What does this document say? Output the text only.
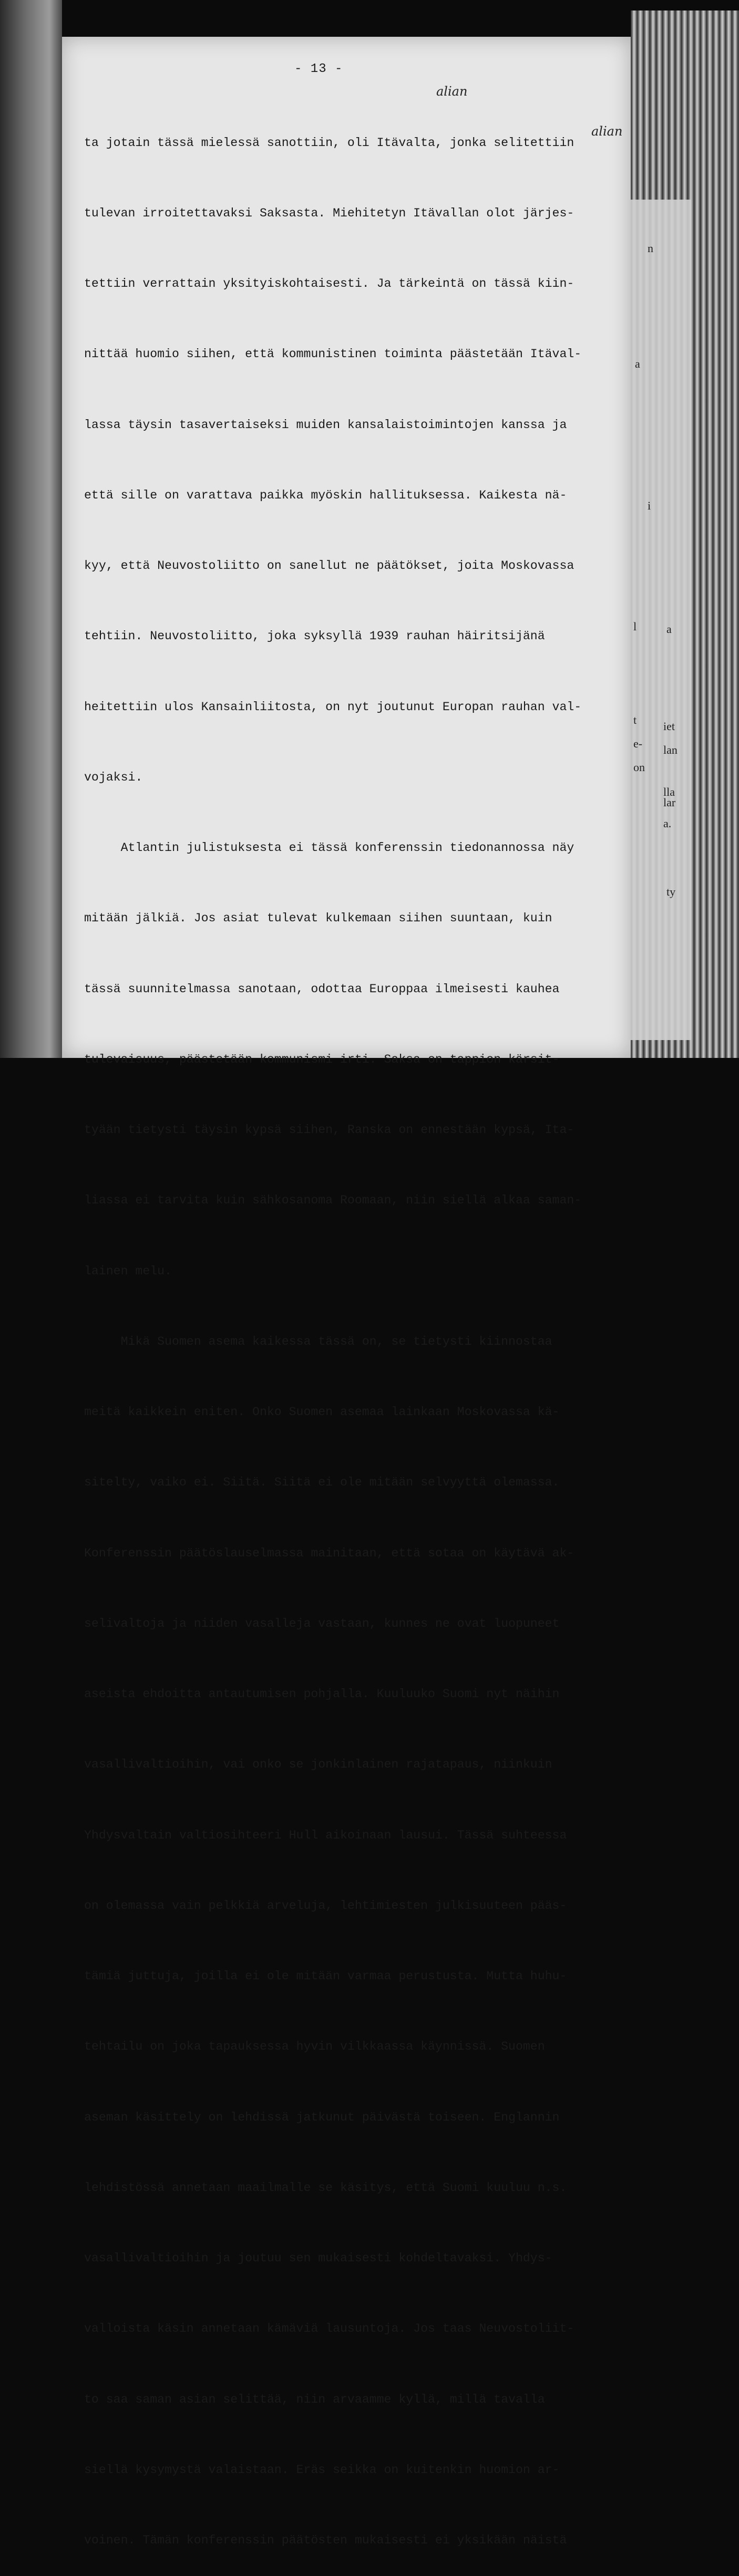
n
a
i
l	a
t iet
e- lan
on
lla
lar
a.
ty
- 13 -

ta jotain tässä mielessä sanottiin, oli Itävalta, jonka selitettiin

tulevan irroitettavaksi Saksasta. Miehitetyn Itävallan olot järjes-

tettiin verrattain yksityiskohtaisesti. Ja tärkeintä on tässä kiin-

nittää huomio siihen, että kommunistinen toiminta päästetään Itäval-

lassa täysin tasavertaiseksi muiden kansalaistoimintojen kanssa ja

että sille on varattava paikka myöskin hallituksessa. Kaikesta nä-

kyy, että Neuvostoliitto on sanellut ne päätökset, joita Moskovassa

tehtiin. Neuvostoliitto, joka syksyllä 1939 rauhan häiritsijänä

heitettiin ulos Kansainliitosta, on nyt joutunut Europan rauhan val-

vojaksi.

Atlantin julistuksesta ei tässä konferenssin tiedonannossa näy

mitään jälkiä. Jos asiat tulevat kulkemaan siihen suuntaan, kuin

tässä suunnitelmassa sanotaan, odottaa Europpaa ilmeisesti kauhea

tulevaisuus, päästetään kommunismi irti. Saksa on tappion kärsit-

tyään tietysti täysin kypsä siihen, Ranska on ennestään kypsä, Ita-

liassa ei tarvita kuin sähkosanoma Roomaan, niin siellä alkaa saman-

lainen melu.

Mikä Suomen asema kaikessa tässä on, se tietysti kiinnostaa

meitä kaikkein eniten. Onko Suomen asemaa lainkaan Moskovassa kä-

sitelty, vaiko ei. Siitä. Siitä ei ole mitään selvyyttä olemassa.

Konferenssin päätöslauselmassa mainitaan, että sotaa on käytävä ak-

selivaltoja ja niiden vasalleja vastaan, kunnes ne ovat luopuneet

aseista ehdoitta antautumisen pohjalla. Kuuluuko Suomi nyt näihin

vasallivaltioihin, vai onko se jonkinlainen rajatapaus, niinkuin

Yhdysvaltain valtiosihteeri Hull aikoinaan lausui. Tässä suhteessa

on olemassa vain pelkkiä arveluja, lehtimiesten julkisuuteen pääs-

tämiä juttuja, joilla ei ole mitään varmaa perustusta. Mutta huhu-

tehtailu on joka tapauksessa hyvin vilkkaassa käynnissä. Suomen

aseman käsittely on lehdissä jatkunut päivästä toiseen. Englannin

lehdistössä annetaan maailmalle se käsitys, että Suomi kuuluu n.s.

vasallivaltioihin ja joutuu sen mukaisesti kohdeltavaksi. Yhdys-

valloista käsin annetaan kämäviä lausuntoja. Jos taas Neuvostoliit-

to saa saman asian selittää, niin arvaamme kyllä, millä tavalla

siellä kysymystä valaistaan. Eräs seikka on kuitenkin huomion ar-

voinen. Tämän konferenssin päätösten mukaisesti ei yksikään näistä

alian
alian
